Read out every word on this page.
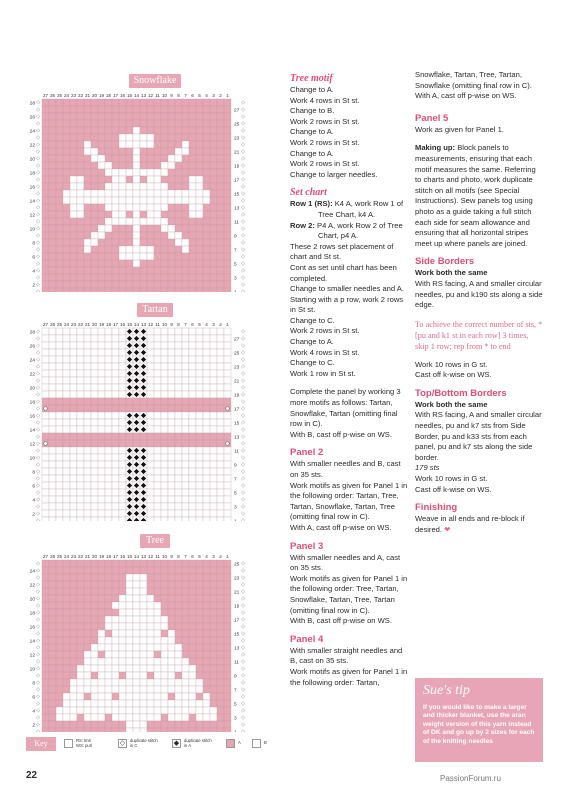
Snowflake
27 26 25 24 23 22 21 20 19 18 17 16 15 14 13 12 11 10 9 8 7 6 5 4 3 2 1
28
27
26
25
24
23
22
21
20
19
18
17
16
15
14
13
12
11
10
9
8
7
6
5
4
3
2
Tartan
27 26 25 24 23 22 21 20 19 18 17 16 15 14 13 12 11 10 9 8 7 6 5 4 3 2 1
28
27
26
25
24
23
22
21
20
19
18
17
16
15
14
13
12
11
10
9
8
7
6
5
4
3
2
Tree
27 26 25 24 23 22 21 20 19 18 17 16 15 14 13 12 11 10 9 8 7 6 5 4 3 2 1
25
24
23
22
21
20
19
18
17
16
15
14
13
12
11
10
9
8
7
6
5
4
3
2
Key	RS: knit
WS: purl	◇	duplicate stitch
in C	◆	duplicate stitch
in A
A	B
Tree motif

Change to A.

Work 4 rows in St st.

Change to B.

Work 2 rows in St st.

Change to A.

Work 2 rows in St st.

Change to A.

Work 2 rows in St st.

Change to larger needles.

Set chart

Row 1 (RS): K4 A, work Row 1 of Tree Chart, k4 A.

Row 2: P4 A, work Row 2 of Tree Chart, p4 A.

These 2 rows set placement of chart and St st.

Cont as set until chart has been completed.

Change to smaller needles and A.

Starting with a p row, work 2 rows in St st.

Change to C.

Work 2 rows in St st.

Change to A.

Work 4 rows in St st.

Change to C.

Work 1 row in St st.

Complete the panel by working 3 more motifs as follows: Tartan, Snowflake, Tartan (omitting final row in C).

With B, cast off p-wise on WS.

Panel 2

With smaller needles and B, cast on 35 sts.

Work motifs as given for Panel 1 in the following order: Tartan, Tree, Tartan, Snowflake, Tartan, Tree (omitting final row in C).

With A, cast off p-wise on WS.

Panel 3

With smaller needles and A, cast on 35 sts.

Work motifs as given for Panel 1 in the following order: Tree, Tartan, Snowflake, Tartan, Tree, Tartan (omitting final row in C).

With B, cast off p-wise on WS.

Panel 4

With smaller straight needles and B, cast on 35 sts.

Work motifs as given for Panel 1 in the following order: Tartan,

Snowflake, Tartan, Tree, Tartan, Snowflake (omitting final row in C).

With A, cast off p-wise on WS.

Panel 5

Work as given for Panel 1.

Making up: Block panels to measurements, ensuring that each motif measures the same. Referring to charts and photo, work duplicate stitch on all motifs (see Special Instructions). Sew panels tog using photo as a guide taking a full stitch each side for seam allowance and ensuring that all horizontal stripes meet up where panels are joined.

Side Borders

Work both the same

With RS facing, A and smaller circular needles, pu and k190 sts along a side edge.

To achieve the correct number of sts, *[pu and k1 st in each row] 3 times, skip 1 row; rep from * to end

Work 10 rows in G st.

Cast off k-wise on WS.

Top/Bottom Borders

Work both the same

With RS facing, A and smaller circular needles, pu and k7 sts from Side Border, pu and k33 sts from each panel, pu and k7 sts along the side border.

179 sts

Work 10 rows in G st.

Cast off k-wise on WS.

Finishing

Weave in all ends and re-block if desired. ❤

Sue's tip
If you would like to make a larger and thicker blanket, use the aran weight version of this yarn instead of DK and go up by 2 sizes for each of the knitting needles
22	PassionForum.ru
